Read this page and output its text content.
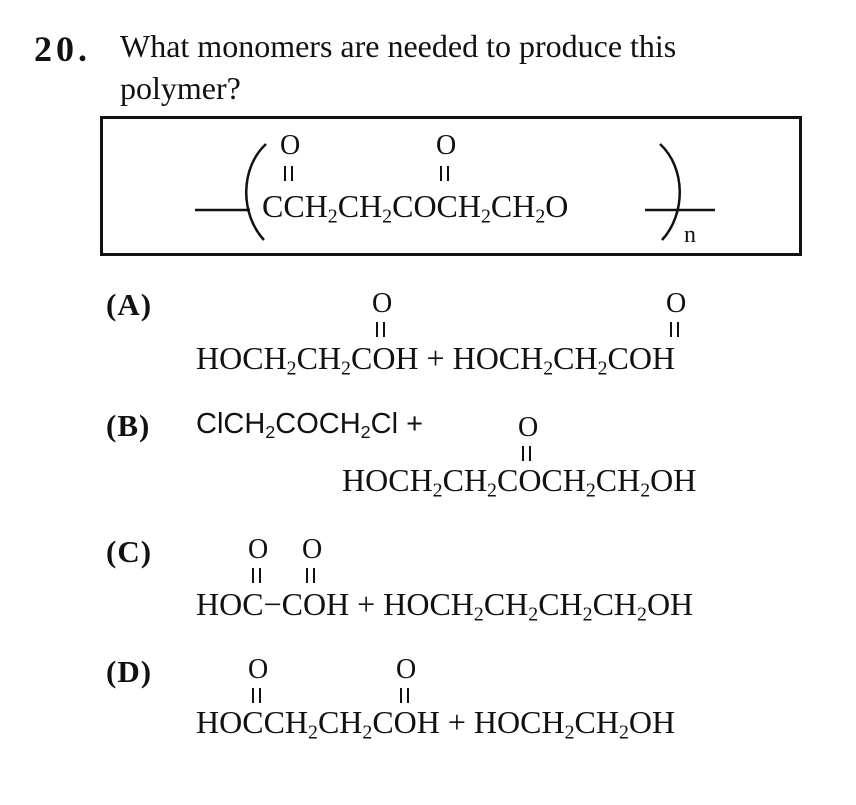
20. What monomers are needed to produce this
polymer?
O	O
$CCH_2CH_2COCH_2CH_2O$
n
(A)	O	O
$HOCH_2CH_2COH$ + $HOCH_2CH_2COH$
(B) $ClCH_2COCH_2Cl$ +	O
$HOCH_2CH_2COCH_2CH_2OH$
(C)	O O
$HOC-COH + HOCH_2CH_2CH_2CH_2OH$
(D)	O	O
$HOCCH_2CH_2COH$ + $HOCH_2CH_2OH$
